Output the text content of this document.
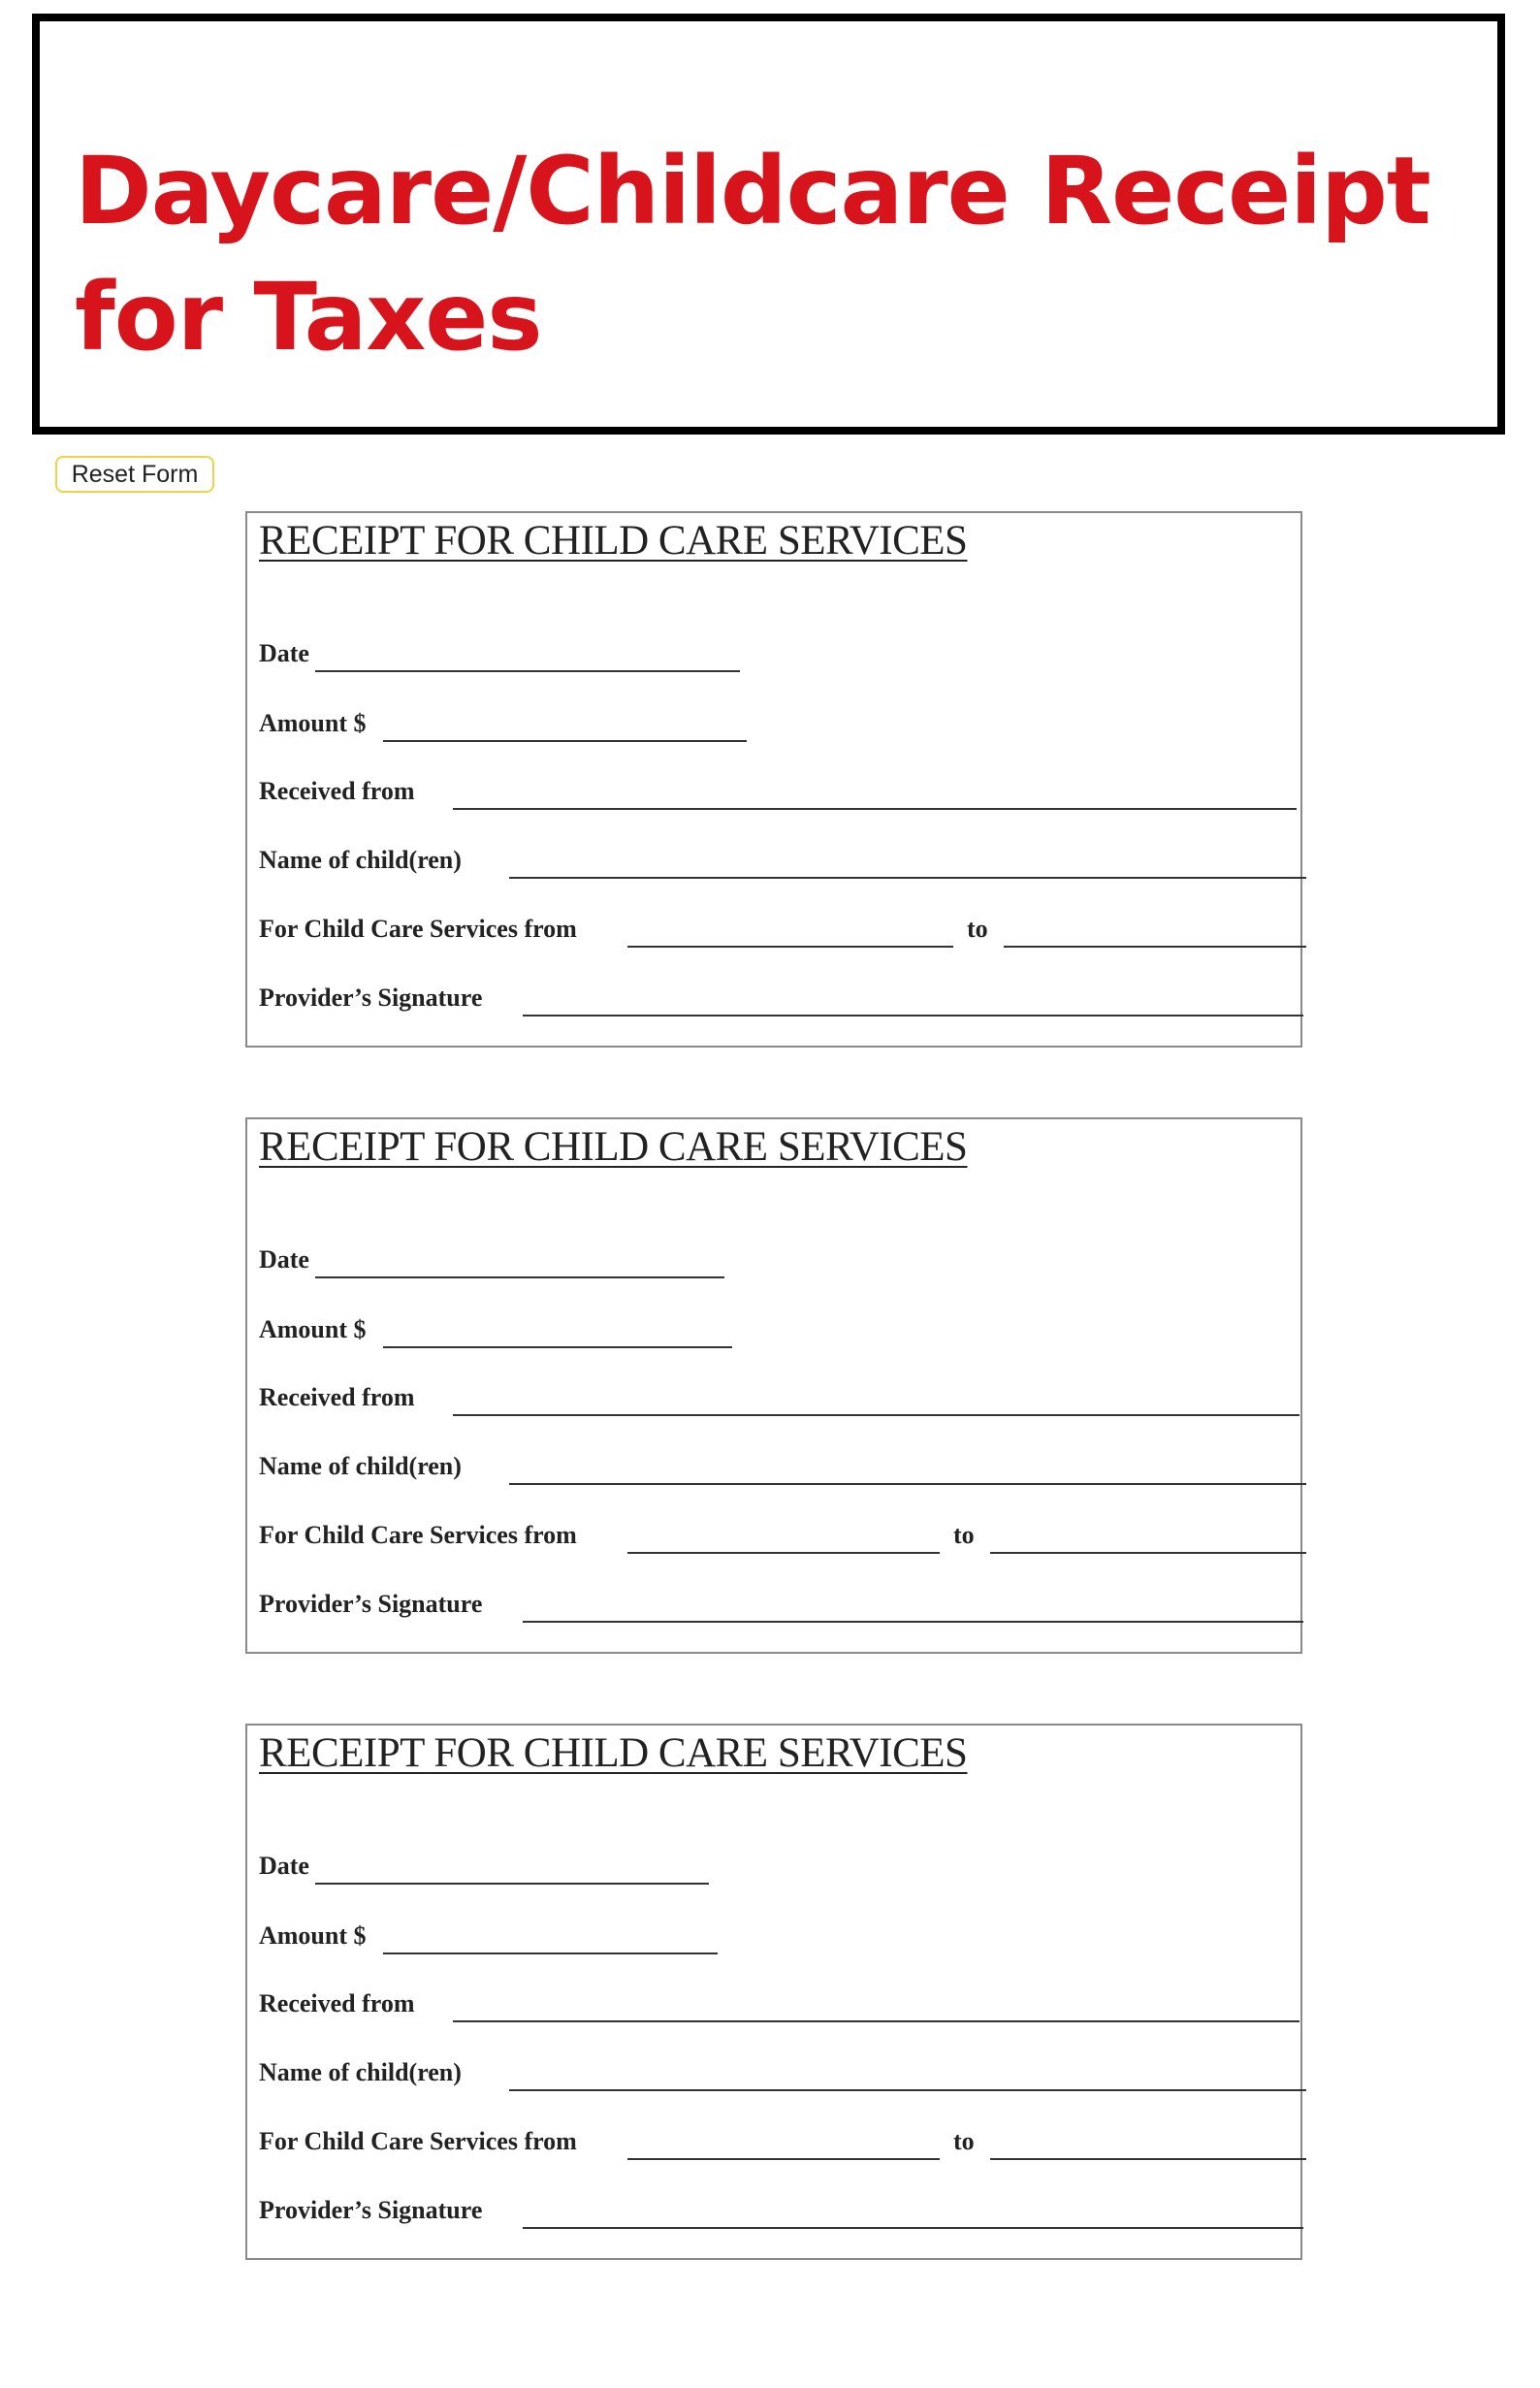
Daycare/Childcare Receipt for Taxes
Reset Form
RECEIPT FOR CHILD CARE SERVICES
Date
Amount $
Received from
Name of child(ren)
For Child Care Services from	to
Provider’s Signature
RECEIPT FOR CHILD CARE SERVICES
Date
Amount $
Received from
Name of child(ren)
For Child Care Services from	to
Provider’s Signature
RECEIPT FOR CHILD CARE SERVICES
Date
Amount $
Received from
Name of child(ren)
For Child Care Services from	to
Provider’s Signature
